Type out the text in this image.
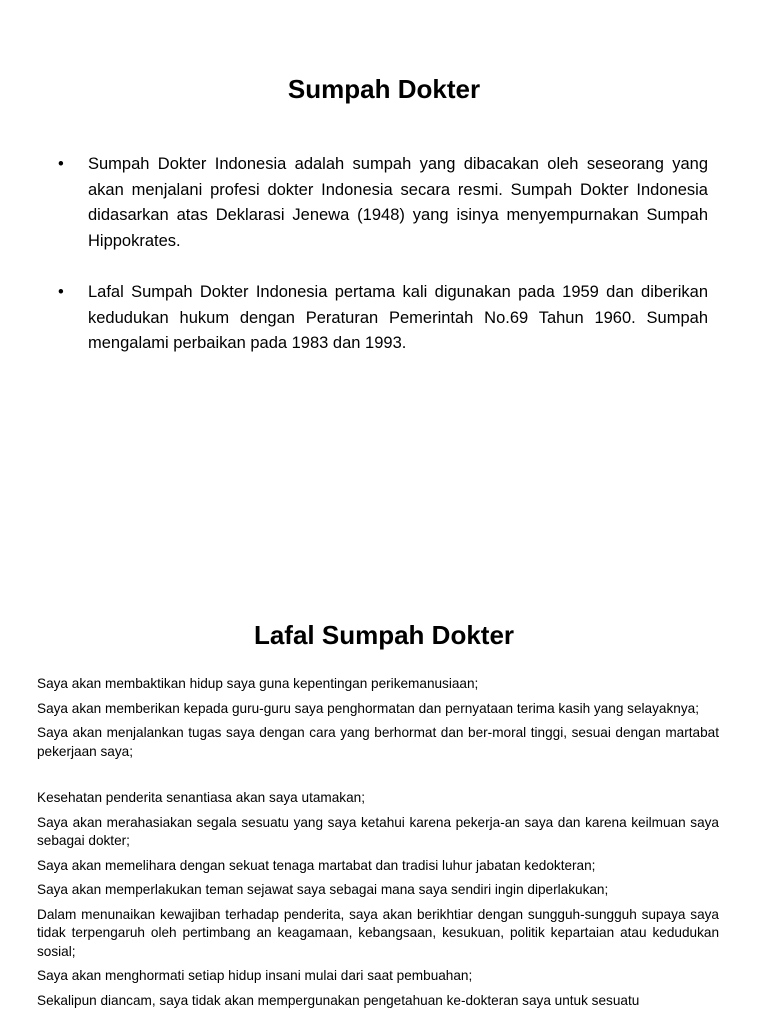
Sumpah Dokter
• Sumpah Dokter Indonesia adalah sumpah yang dibacakan oleh seseorang yang akan menjalani profesi dokter Indonesia secara resmi. Sumpah Dokter Indonesia didasarkan atas Deklarasi Jenewa (1948) yang isinya menyempurnakan Sumpah Hippokrates.
• Lafal Sumpah Dokter Indonesia pertama kali digunakan pada 1959 dan diberikan kedudukan hukum dengan Peraturan Pemerintah No.69 Tahun 1960. Sumpah mengalami perbaikan pada 1983 dan 1993.
Lafal Sumpah Dokter

Saya akan membaktikan hidup saya guna kepentingan perikemanusiaan;

Saya akan memberikan kepada guru-guru saya penghormatan dan pernyataan terima kasih yang selayaknya;

Saya akan menjalankan tugas saya dengan cara yang berhormat dan ber-moral tinggi, sesuai dengan martabat pekerjaan saya;

Kesehatan penderita senantiasa akan saya utamakan;

Saya akan merahasiakan segala sesuatu yang saya ketahui karena pekerja-an saya dan karena keilmuan saya sebagai dokter;

Saya akan memelihara dengan sekuat tenaga martabat dan tradisi luhur jabatan kedokteran;

Saya akan memperlakukan teman sejawat saya sebagai mana saya sendiri ingin diperlakukan;

Dalam menunaikan kewajiban terhadap penderita, saya akan berikhtiar dengan sungguh-sungguh supaya saya tidak terpengaruh oleh pertimbang an keagamaan, kebangsaan, kesukuan, politik kepartaian atau kedudukan sosial;

Saya akan menghormati setiap hidup insani mulai dari saat pembuahan;

Sekalipun diancam, saya tidak akan mempergunakan pengetahuan ke-dokteran saya untuk sesuatu
